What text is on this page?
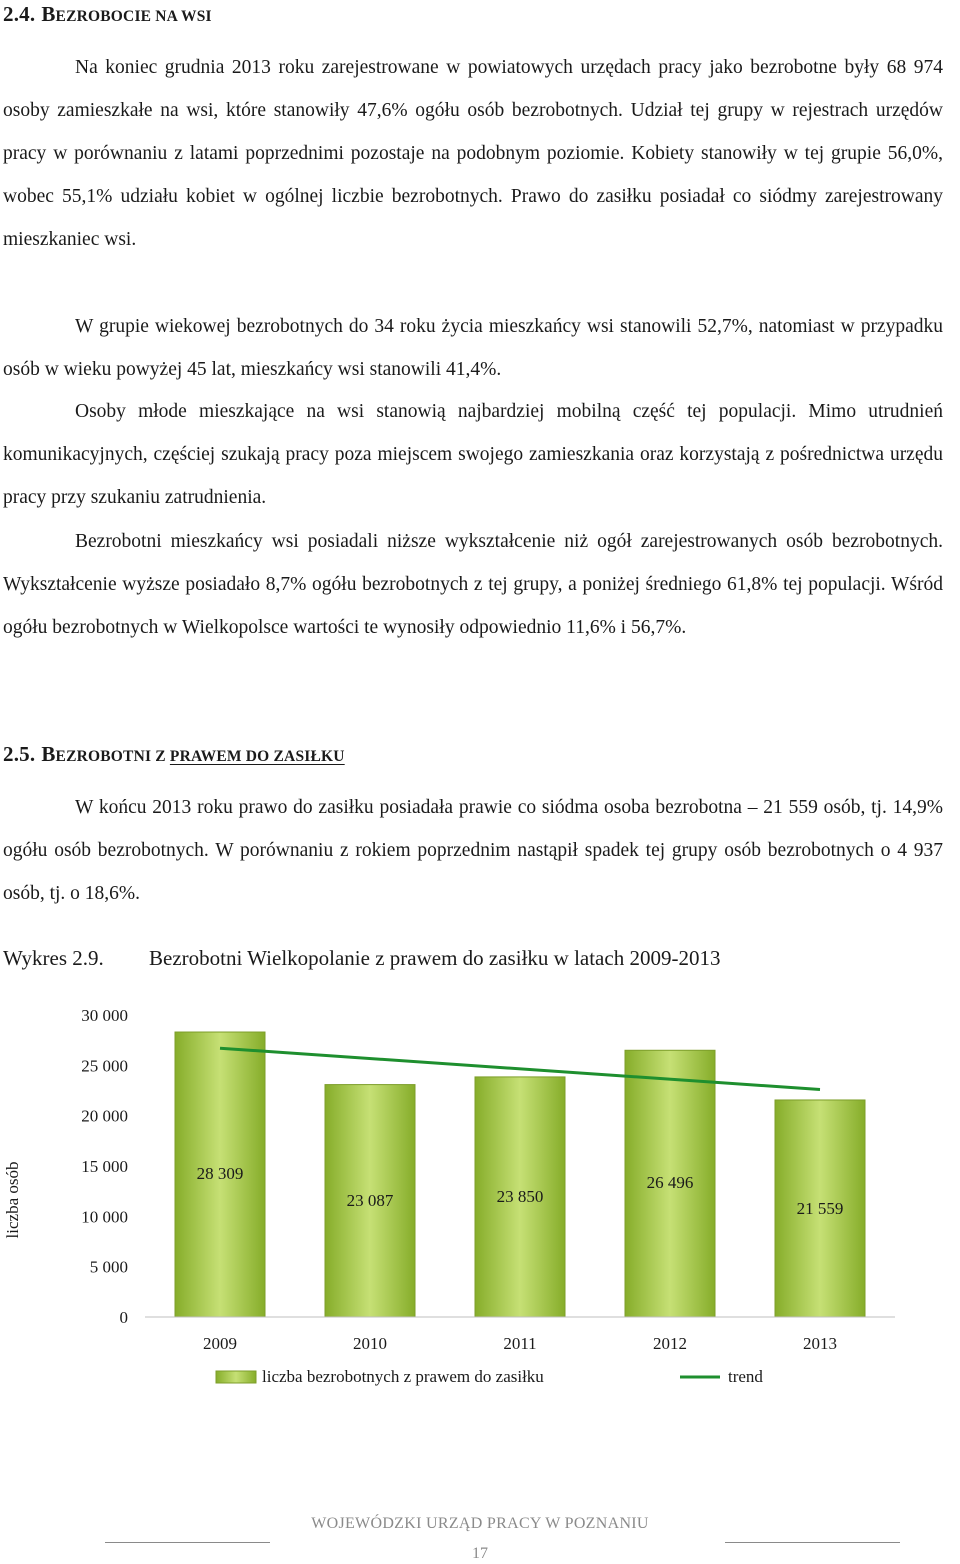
2.4. BEZROBOCIE NA WSI

Na koniec grudnia 2013 roku zarejestrowane w powiatowych urzędach pracy jako bezrobotne były 68 974 osoby zamieszkałe na wsi, które stanowiły 47,6% ogółu osób bezrobotnych. Udział tej grupy w rejestrach urzędów pracy w porównaniu z latami poprzednimi pozostaje na podobnym poziomie. Kobiety stanowiły w tej grupie 56,0%, wobec 55,1% udziału kobiet w ogólnej liczbie bezrobotnych. Prawo do zasiłku posiadał co siódmy zarejestrowany mieszkaniec wsi.

W grupie wiekowej bezrobotnych do 34 roku życia mieszkańcy wsi stanowili 52,7%, natomiast w przypadku osób w wieku powyżej 45 lat, mieszkańcy wsi stanowili 41,4%.

Osoby młode mieszkające na wsi stanowią najbardziej mobilną część tej populacji. Mimo utrudnień komunikacyjnych, częściej szukają pracy poza miejscem swojego zamieszkania oraz korzystają z pośrednictwa urzędu pracy przy szukaniu zatrudnienia.

Bezrobotni mieszkańcy wsi posiadali niższe wykształcenie niż ogół zarejestrowanych osób bezrobotnych. Wykształcenie wyższe posiadało 8,7% ogółu bezrobotnych z tej grupy, a poniżej średniego 61,8% tej populacji. Wśród ogółu bezrobotnych w Wielkopolsce wartości te wynosiły odpowiednio 11,6% i 56,7%.

2.5. BEZROBOTNI Z PRAWEM DO ZASIŁKU

W końcu 2013 roku prawo do zasiłku posiadała prawie co siódma osoba bezrobotna – 21 559 osób, tj. 14,9% ogółu osób bezrobotnych. W porównaniu z rokiem poprzednim nastąpił spadek tej grupy osób bezrobotnych o 4 937 osób, tj. o 18,6%.

Wykres 2.9. Bezrobotni Wielkopolanie z prawem do zasiłku w latach 2009-2013
0
5 000
10 000
15 000
20 000
25 000
30 000
liczba osób	28 309
23 087	23 850
26 496
21 559
2009	2010	2011	2012	2013
liczba bezrobotnych z prawem do zasiłku	trend
WOJEWÓDZKI URZĄD PRACY W POZNANIU
17
